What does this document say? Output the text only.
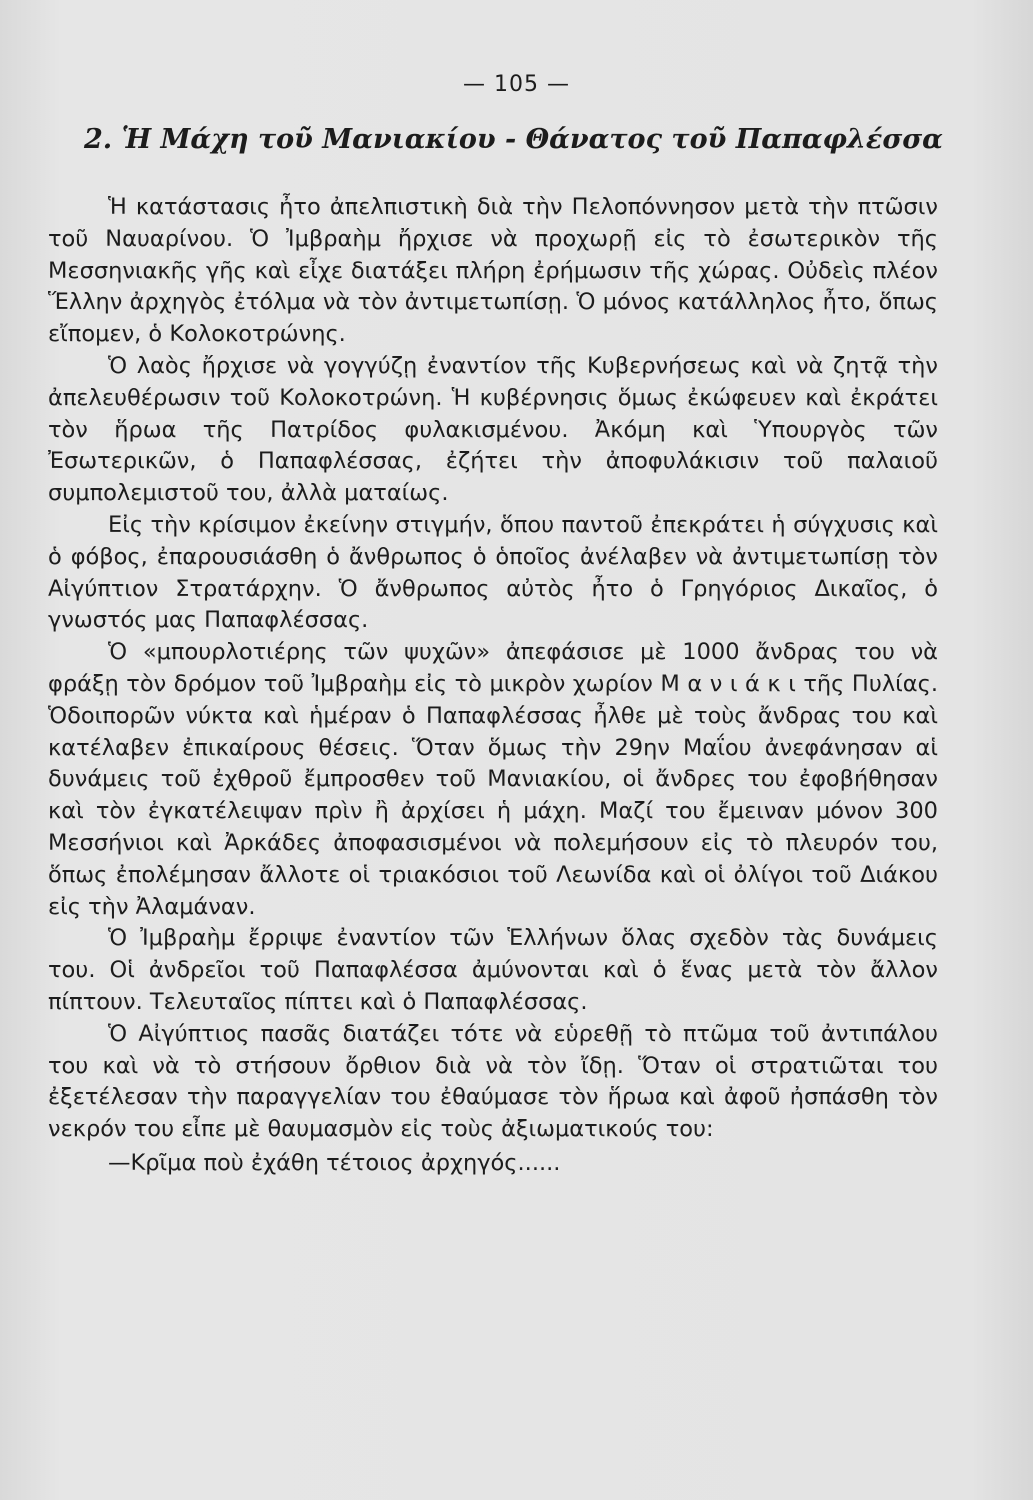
— 105 —
2. Ἡ Μάχη τοῦ Μανιακίου - Θάνατος τοῦ Παπαφλέσσα

Ἡ κατάστασις ἦτο ἀπελπιστικὴ διὰ τὴν Πελοπόννησον μετὰ τὴν πτῶσιν τοῦ Ναυαρίνου. Ὁ Ἰμβραὴμ ἤρχισε νὰ προχωρῇ εἰς τὸ ἐσωτερικὸν τῆς Μεσσηνιακῆς γῆς καὶ εἶχε διατάξει πλήρη ἐρήμωσιν τῆς χώρας. Οὐδεὶς πλέον Ἕλλην ἀρχηγὸς ἐτόλμα νὰ τὸν ἀντιμετωπίσῃ. Ὁ μόνος κατάλληλος ἦτο, ὅπως εἴπομεν, ὁ Κολοκοτρώνης.

Ὁ λαὸς ἤρχισε νὰ γογγύζῃ ἐναντίον τῆς Κυβερνήσεως καὶ νὰ ζητᾷ τὴν ἀπελευθέρωσιν τοῦ Κολοκοτρώνη. Ἡ κυβέρνησις ὅμως ἐκώφευεν καὶ ἐκράτει τὸν ἥρωα τῆς Πατρίδος φυλακισμένου. Ἀκόμη καὶ Ὑπουργὸς τῶν Ἐσωτερικῶν, ὁ Παπαφλέσσας, ἐζήτει τὴν ἀποφυλάκισιν τοῦ παλαιοῦ συμπολεμιστοῦ του, ἀλλὰ ματαίως.

Εἰς τὴν κρίσιμον ἐκείνην στιγμήν, ὅπου παντοῦ ἐπεκράτει ἡ σύγχυσις καὶ ὁ φόβος, ἐπαρουσιάσθη ὁ ἄνθρωπος ὁ ὁποῖος ἀνέλαβεν νὰ ἀντιμετωπίσῃ τὸν Αἰγύπτιον Στρατάρχην. Ὁ ἄνθρωπος αὐτὸς ἦτο ὁ Γρηγόριος Δικαῖος, ὁ γνωστός μας Παπαφλέσσας.

Ὁ «μπουρλοτιέρης τῶν ψυχῶν» ἀπεφάσισε μὲ 1000 ἄνδρας του νὰ φράξῃ τὸν δρόμον τοῦ Ἰμβραὴμ εἰς τὸ μικρὸν χωρίον Μ α ν ι ά κ ι τῆς Πυλίας. Ὁδοιπορῶν νύκτα καὶ ἡμέραν ὁ Παπαφλέσσας ἦλθε μὲ τοὺς ἄνδρας του καὶ κατέλαβεν ἐπικαίρους θέσεις. Ὅταν ὅμως τὴν 29ην Μαΐου ἀνεφάνησαν αἱ δυνάμεις τοῦ ἐχθροῦ ἔμπροσθεν τοῦ Μανιακίου, οἱ ἄνδρες του ἐφοβήθησαν καὶ τὸν ἐγκατέλειψαν πρὶν ἢ ἀρχίσει ἡ μάχη. Μαζί του ἔμειναν μόνον 300 Μεσσήνιοι καὶ Ἀρκάδες ἀποφασισμένοι νὰ πολεμήσουν εἰς τὸ πλευρόν του, ὅπως ἐπολέμησαν ἄλλοτε οἱ τριακόσιοι τοῦ Λεωνίδα καὶ οἱ ὀλίγοι τοῦ Διάκου εἰς τὴν Ἀλαμάναν.

Ὁ Ἰμβραὴμ ἔρριψε ἐναντίον τῶν Ἑλλήνων ὅλας σχεδὸν τὰς δυνάμεις του. Οἱ ἀνδρεῖοι τοῦ Παπαφλέσσα ἀμύνονται καὶ ὁ ἕνας μετὰ τὸν ἄλλον πίπτουν. Τελευταῖος πίπτει καὶ ὁ Παπαφλέσσας.

Ὁ Αἰγύπτιος πασᾶς διατάζει τότε νὰ εὑρεθῇ τὸ πτῶμα τοῦ ἀντιπάλου του καὶ νὰ τὸ στήσουν ὄρθιον διὰ νὰ τὸν ἴδῃ. Ὅταν οἱ στρατιῶται του ἐξετέλεσαν τὴν παραγγελίαν του ἐθαύμασε τὸν ἥρωα καὶ ἀφοῦ ἠσπάσθη τὸν νεκρόν του εἶπε μὲ θαυμασμὸν εἰς τοὺς ἀξιωματικούς του:

—Κρῖμα ποὺ ἐχάθη τέτοιος ἀρχηγός......
